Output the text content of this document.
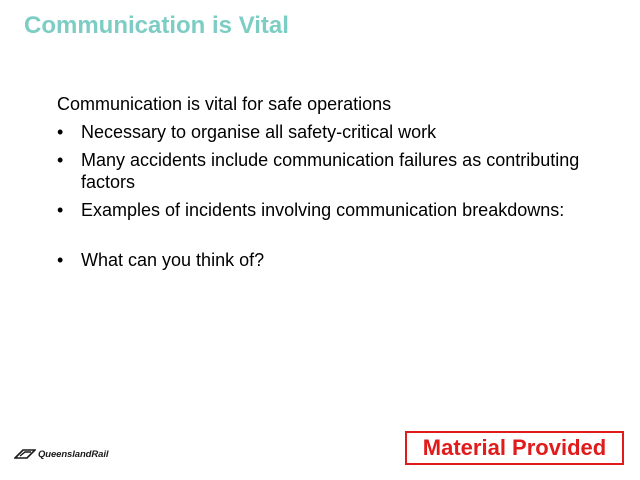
Communication is Vital

Communication is vital for safe operations

• Necessary to organise all safety-critical work
• Many accidents include communication failures as contributing factors
• Examples of incidents involving communication breakdowns:
• What can you think of?
QueenslandRail	Material Provided
